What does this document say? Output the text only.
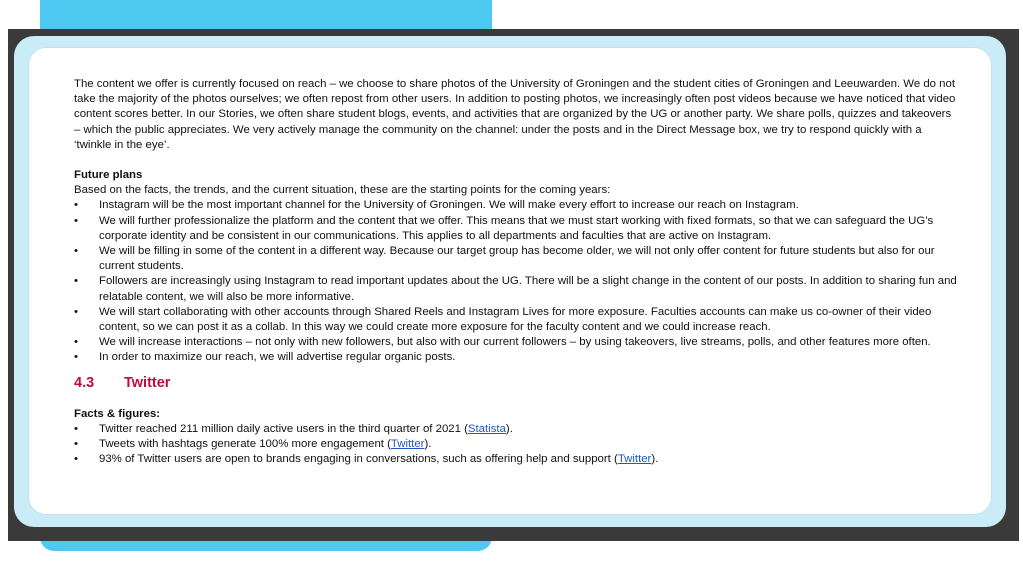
The content we offer is currently focused on reach – we choose to share photos of the University of Groningen and the student cities of Groningen and Leeuwarden. We do not take the majority of the photos ourselves; we often repost from other users. In addition to posting photos, we increasingly often post videos because we have noticed that video content scores better. In our Stories, we often share student blogs, events, and activities that are organized by the UG or another party. We share polls, quizzes and takeovers – which the public appreciates. We very actively manage the community on the channel: under the posts and in the Direct Message box, we try to respond quickly with a ‘twinkle in the eye’.

Future plans

Based on the facts, the trends, and the current situation, these are the starting points for the coming years:

• Instagram will be the most important channel for the University of Groningen. We will make every effort to increase our reach on Instagram.
• We will further professionalize the platform and the content that we offer. This means that we must start working with fixed formats, so that we can safeguard the UG’s corporate identity and be consistent in our communications. This applies to all departments and faculties that are active on Instagram.
• We will be filling in some of the content in a different way. Because our target group has become older, we will not only offer content for future students but also for our current students.
• Followers are increasingly using Instagram to read important updates about the UG. There will be a slight change in the content of our posts. In addition to sharing fun and relatable content, we will also be more informative.
• We will start collaborating with other accounts through Shared Reels and Instagram Lives for more exposure. Faculties accounts can make us co-owner of their video content, so we can post it as a collab. In this way we could create more exposure for the faculty content and we could increase reach.
• We will increase interactions – not only with new followers, but also with our current followers – by using takeovers, live streams, polls, and other features more often.
• In order to maximize our reach, we will advertise regular organic posts.
4.3 Twitter

Facts & figures:

• Twitter reached 211 million daily active users in the third quarter of 2021 (Statista).
• Tweets with hashtags generate 100% more engagement (Twitter).
• 93% of Twitter users are open to brands engaging in conversations, such as offering help and support (Twitter).
